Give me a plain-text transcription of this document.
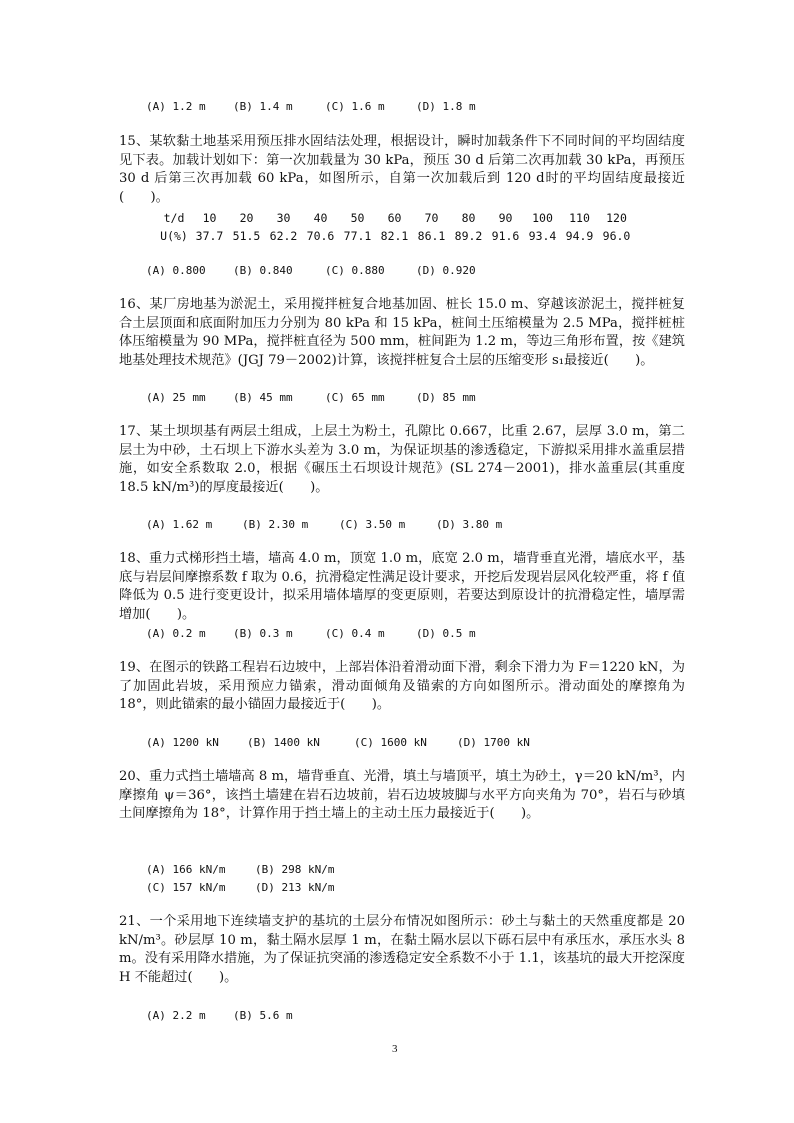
(A) 1.2 m (B) 1.4 m	(C) 1.6 m	(D) 1.8 m
15、某软黏土地基采用预压排水固结法处理，根据设计，瞬时加载条件下不同时间的平均固结度见下表。加载计划如下：第一次加载量为 30 kPa，预压 30 d 后第二次再加载 30 kPa，再预压 30 d 后第三次再加载 60 kPa，如图所示，自第一次加载后到 120 d时的平均固结度最接近(　　)。
t/d 10 20 30 40 50 60 70 80 90 100 110 120
U(%) 37.7 51.5 62.2 70.6 77.1 82.1 86.1 89.2 91.6 93.4 94.9 96.0
(A) 0.800 (B) 0.840	(C) 0.880	(D) 0.920
16、某厂房地基为淤泥土，采用搅拌桩复合地基加固、桩长 15.0 m、穿越该淤泥土，搅拌桩复合土层顶面和底面附加压力分别为 80 kPa 和 15 kPa，桩间土压缩模量为 2.5 MPa，搅拌桩桩体压缩模量为 90 MPa，搅拌桩直径为 500 mm，桩间距为 1.2 m，等边三角形布置，按《建筑地基处理技术规范》(JGJ 79－2002)计算，该搅拌桩复合土层的压缩变形 s₁最接近(　　)。
(A) 25 mm (B) 45 mm	(C) 65 mm	(D) 85 mm
17、某土坝坝基有两层土组成，上层土为粉土，孔隙比 0.667，比重 2.67，层厚 3.0 m，第二层土为中砂，土石坝上下游水头差为 3.0 m，为保证坝基的渗透稳定，下游拟采用排水盖重层措施，如安全系数取 2.0，根据《碾压土石坝设计规范》(SL 274－2001)，排水盖重层(其重度 18.5 kN/m³)的厚度最接近(　　)。
(A) 1.62 m	(B) 2.30 m	(C) 3.50 m	(D) 3.80 m
18、重力式梯形挡土墙，墙高 4.0 m，顶宽 1.0 m，底宽 2.0 m，墙背垂直光滑，墙底水平，基底与岩层间摩擦系数 f 取为 0.6，抗滑稳定性满足设计要求，开挖后发现岩层风化较严重，将 f 值降低为 0.5 进行变更设计，拟采用墙体墙厚的变更原则，若要达到原设计的抗滑稳定性，墙厚需增加(　　)。
(A) 0.2 m (B) 0.3 m	(C) 0.4 m	(D) 0.5 m
19、在图示的铁路工程岩石边坡中，上部岩体沿着滑动面下滑，剩余下滑力为 F＝1220 kN，为了加固此岩坡，采用预应力锚索，滑动面倾角及锚索的方向如图所示。滑动面处的摩擦角为 18°，则此锚索的最小锚固力最接近于(　　)。
(A) 1200 kN	(B) 1400 kN	(C) 1600 kN	(D) 1700 kN
20、重力式挡土墙墙高 8 m，墙背垂直、光滑，填土与墙顶平，填土为砂土，γ＝20 kN/m³，内摩擦角 ψ＝36°，该挡土墙建在岩石边坡前，岩石边坡坡脚与水平方向夹角为 70°，岩石与砂填土间摩擦角为 18°，计算作用于挡土墙上的主动土压力最接近于(　　)。
(A) 166 kN/m	(B) 298 kN/m
(C) 157 kN/m	(D) 213 kN/m
21、一个采用地下连续墙支护的基坑的土层分布情况如图所示：砂土与黏土的天然重度都是 20 kN/m³。砂层厚 10 m，黏土隔水层厚 1 m，在黏土隔水层以下砾石层中有承压水，承压水头 8 m。没有采用降水措施，为了保证抗突涌的渗透稳定安全系数不小于 1.1，该基坑的最大开挖深度 H 不能超过(　　)。
(A) 2.2 m (B) 5.6 m
3
